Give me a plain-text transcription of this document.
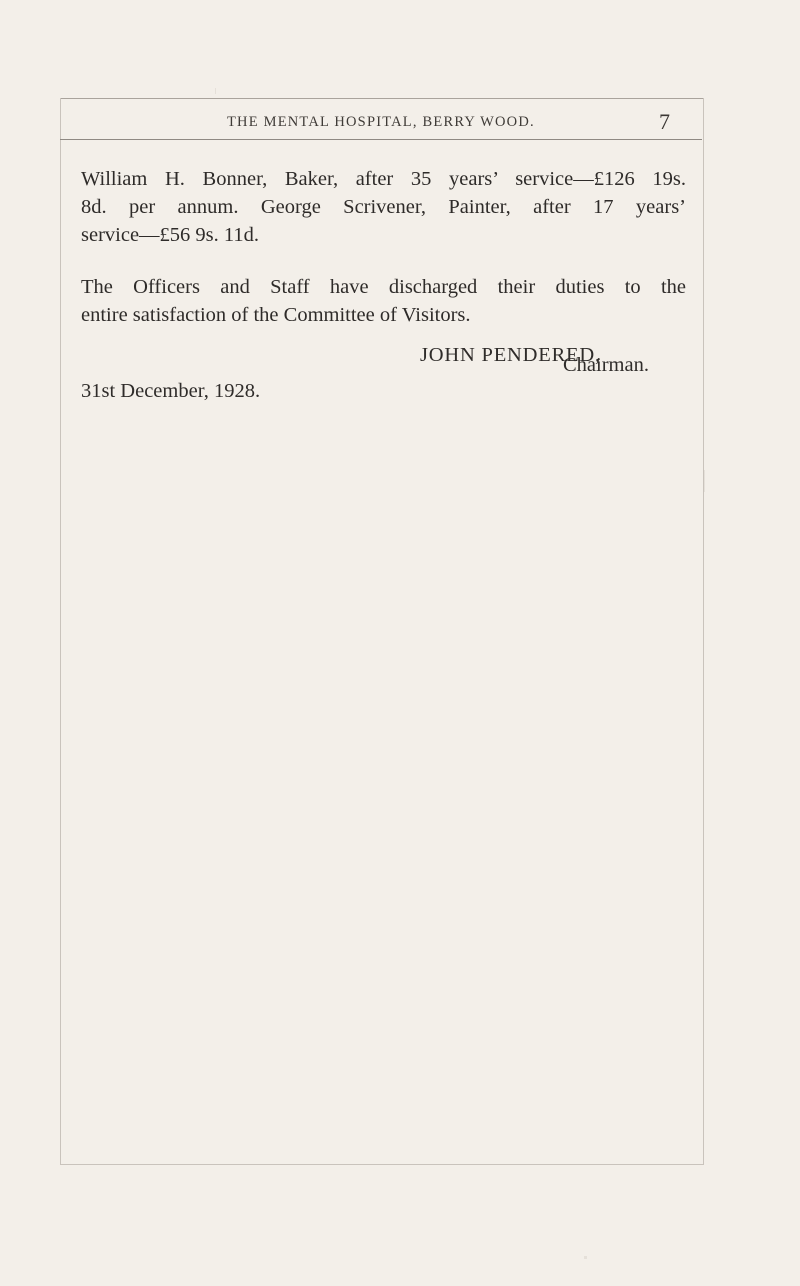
THE MENTAL HOSPITAL, BERRY WOOD.	7

William H. Bonner, Baker, after 35 years’ service—£126 19s.
8d. per annum. George Scrivener, Painter, after 17 years’
service—£56 9s. 11d.

The Officers and Staff have discharged their duties to the
entire satisfaction of the Committee of Visitors.

JOHN PENDERED,
Chairman.
31st December, 1928.
